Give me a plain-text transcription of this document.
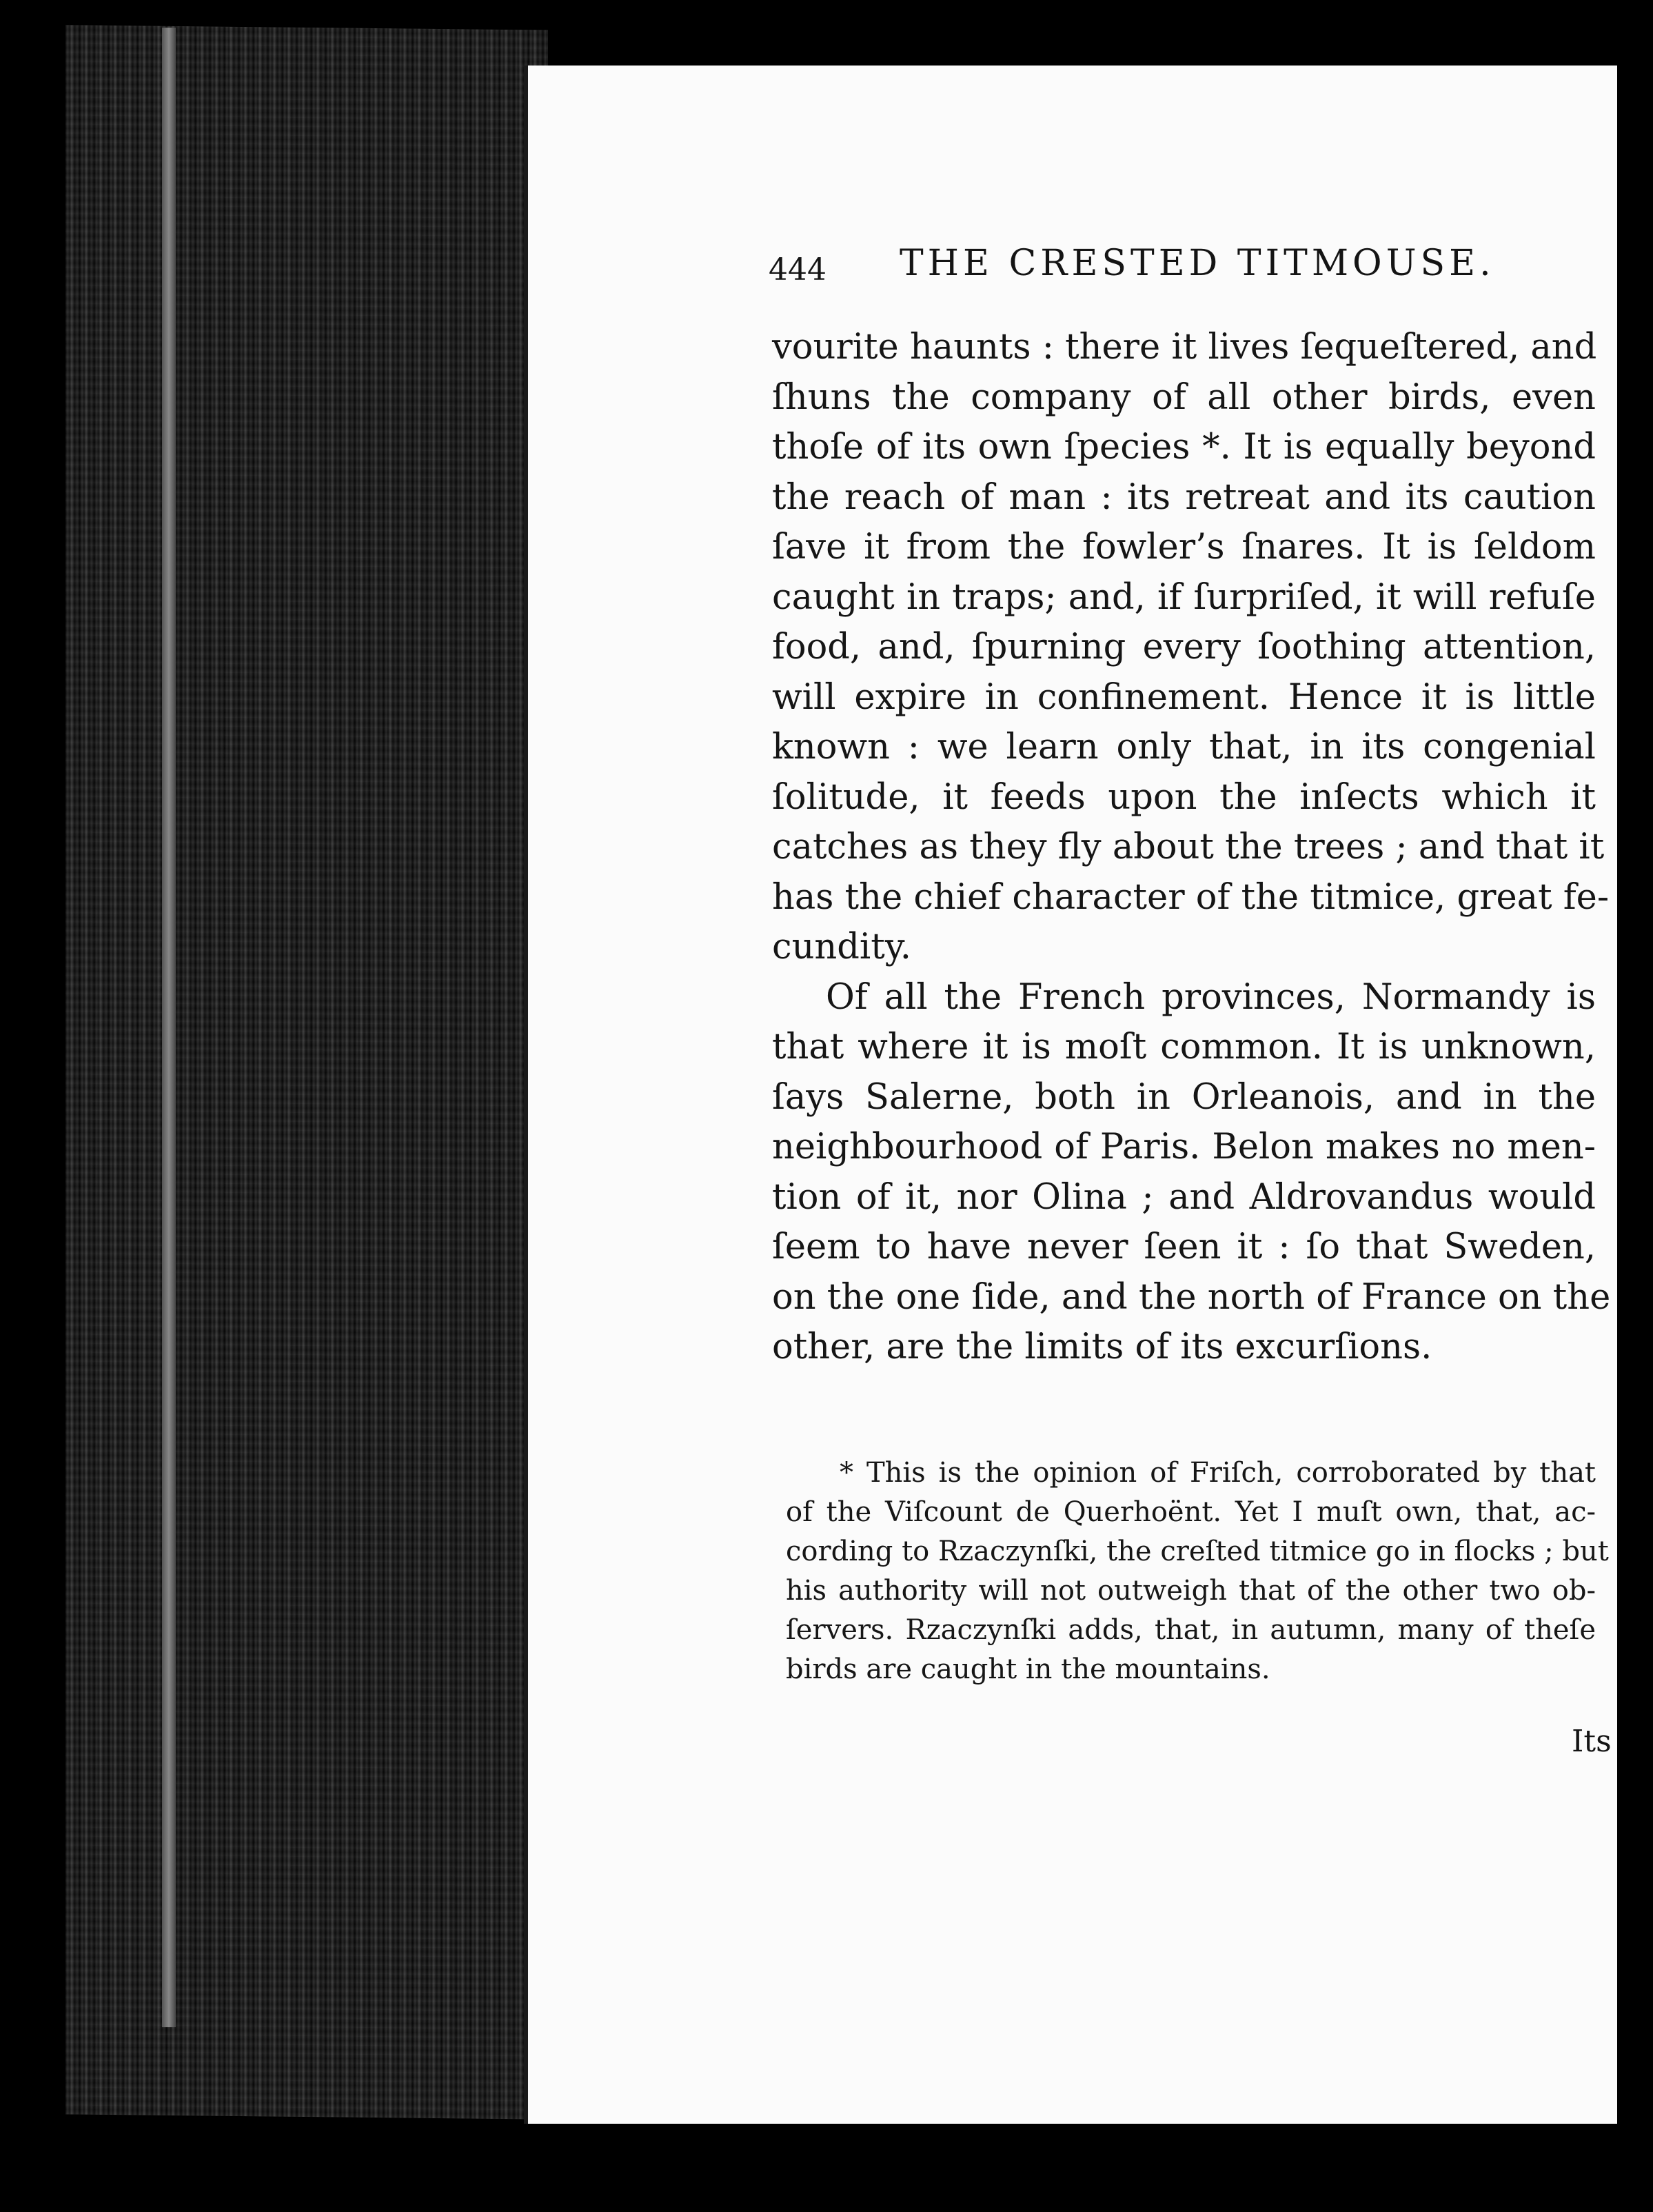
444 THE CRESTED TITMOUSE.
vourite haunts : there it lives ſequeſtered, and
ſhuns the company of all other birds, even
thoſe of its own ſpecies *. It is equally beyond
the reach of man : its retreat and its caution
ſave it from the fowler’s ſnares. It is ſeldom
caught in traps; and, if ſurpriſed, it will refuſe
food, and, ſpurning every ſoothing attention,
will expire in confinement. Hence it is little
known : we learn only that, in its congenial
ſolitude, it feeds upon the inſects which it
catches as they fly about the trees ; and that it
has the chief character of the titmice, great fe-
cundity.
Of all the French provinces, Normandy is
that where it is moſt common. It is unknown,
ſays Salerne, both in Orleanois, and in the
neighbourhood of Paris. Belon makes no men-
tion of it, nor Olina ; and Aldrovandus would
ſeem to have never ſeen it : ſo that Sweden,
on the one ſide, and the north of France on the
other, are the limits of its excurſions.
* This is the opinion of Friſch, corroborated by that
of the Viſcount de Querhoënt. Yet I muſt own, that, ac-
cording to Rzaczynſki, the creſted titmice go in flocks ; but
his authority will not outweigh that of the other two ob-
ſervers. Rzaczynſki adds, that, in autumn, many of theſe
birds are caught in the mountains.
Its
